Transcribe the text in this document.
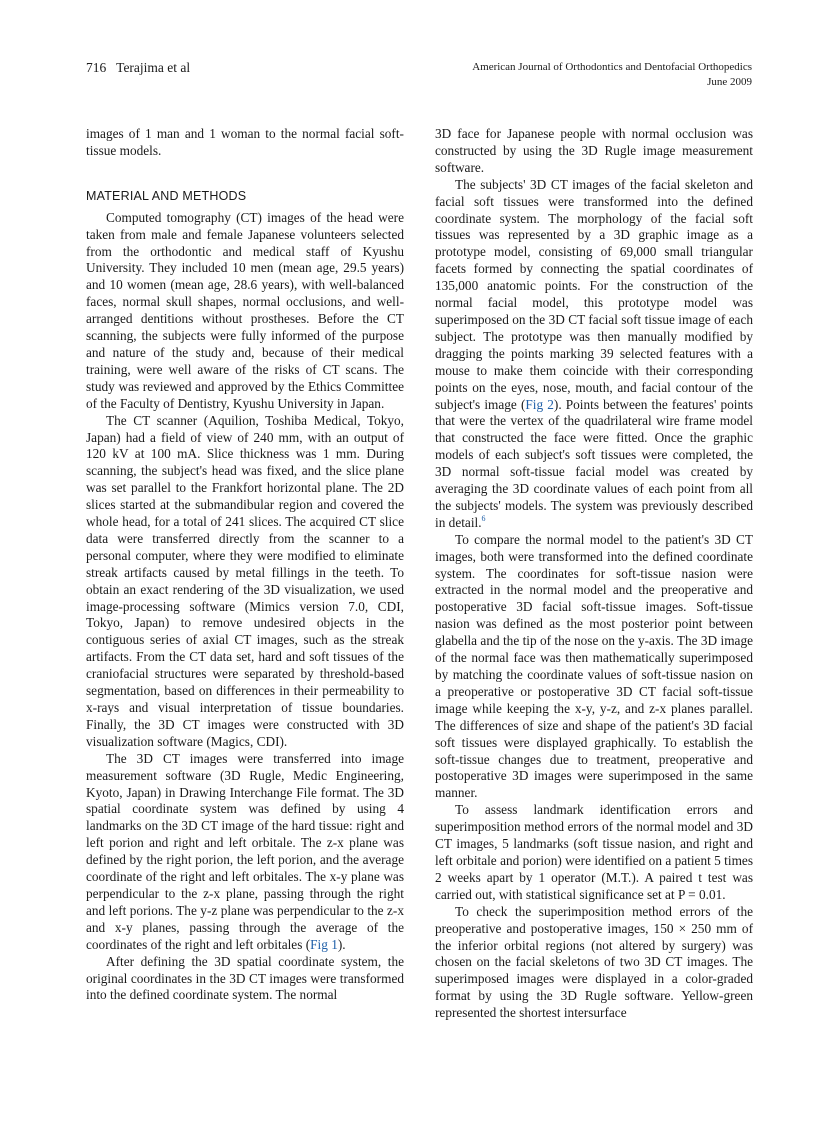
716 Terajima et al	American Journal of Orthodontics and Dentofacial Orthopedics
June 2009

images of 1 man and 1 woman to the normal facial soft-tissue models.

MATERIAL AND METHODS

Computed tomography (CT) images of the head were taken from male and female Japanese volunteers selected from the orthodontic and medical staff of Kyushu University. They included 10 men (mean age, 29.5 years) and 10 women (mean age, 28.6 years), with well-balanced faces, normal skull shapes, normal occlusions, and well-arranged dentitions without prostheses. Before the CT scanning, the subjects were fully informed of the purpose and nature of the study and, because of their medical training, were well aware of the risks of CT scans. The study was reviewed and approved by the Ethics Committee of the Faculty of Dentistry, Kyushu University in Japan.

The CT scanner (Aquilion, Toshiba Medical, Tokyo, Japan) had a field of view of 240 mm, with an output of 120 kV at 100 mA. Slice thickness was 1 mm. During scanning, the subject's head was fixed, and the slice plane was set parallel to the Frankfort horizontal plane. The 2D slices started at the submandibular region and covered the whole head, for a total of 241 slices. The acquired CT slice data were transferred directly from the scanner to a personal computer, where they were modified to eliminate streak artifacts caused by metal fillings in the teeth. To obtain an exact rendering of the 3D visualization, we used image-processing software (Mimics version 7.0, CDI, Tokyo, Japan) to remove undesired objects in the contiguous series of axial CT images, such as the streak artifacts. From the CT data set, hard and soft tissues of the craniofacial structures were separated by threshold-based segmentation, based on differences in their permeability to x-rays and visual interpretation of tissue boundaries. Finally, the 3D CT images were constructed with 3D visualization software (Magics, CDI).

The 3D CT images were transferred into image measurement software (3D Rugle, Medic Engineering, Kyoto, Japan) in Drawing Interchange File format. The 3D spatial coordinate system was defined by using 4 landmarks on the 3D CT image of the hard tissue: right and left porion and right and left orbitale. The z-x plane was defined by the right porion, the left porion, and the average coordinate of the right and left orbitales. The x-y plane was perpendicular to the z-x plane, passing through the right and left porions. The y-z plane was perpendicular to the z-x and x-y planes, passing through the average of the coordinates of the right and left orbitales (Fig 1).

After defining the 3D spatial coordinate system, the original coordinates in the 3D CT images were transformed into the defined coordinate system. The normal

3D face for Japanese people with normal occlusion was constructed by using the 3D Rugle image measurement software.

The subjects' 3D CT images of the facial skeleton and facial soft tissues were transformed into the defined coordinate system. The morphology of the facial soft tissues was represented by a 3D graphic image as a prototype model, consisting of 69,000 small triangular facets formed by connecting the spatial coordinates of 135,000 anatomic points. For the construction of the normal facial model, this prototype model was superimposed on the 3D CT facial soft tissue image of each subject. The prototype was then manually modified by dragging the points marking 39 selected features with a mouse to make them coincide with their corresponding points on the eyes, nose, mouth, and facial contour of the subject's image (Fig 2). Points between the features' points that were the vertex of the quadrilateral wire frame model that constructed the face were fitted. Once the graphic models of each subject's soft tissues were completed, the 3D normal soft-tissue facial model was created by averaging the 3D coordinate values of each point from all the subjects' models. The system was previously described in detail.$^6$

To compare the normal model to the patient's 3D CT images, both were transformed into the defined coordinate system. The coordinates for soft-tissue nasion were extracted in the normal model and the preoperative and postoperative 3D facial soft-tissue images. Soft-tissue nasion was defined as the most posterior point between glabella and the tip of the nose on the y-axis. The 3D image of the normal face was then mathematically superimposed by matching the coordinate values of soft-tissue nasion on a preoperative or postoperative 3D CT facial soft-tissue image while keeping the x-y, y-z, and z-x planes parallel. The differences of size and shape of the patient's 3D facial soft tissues were displayed graphically. To establish the soft-tissue changes due to treatment, preoperative and postoperative 3D images were superimposed in the same manner.

To assess landmark identification errors and superimposition method errors of the normal model and 3D CT images, 5 landmarks (soft tissue nasion, and right and left orbitale and porion) were identified on a patient 5 times 2 weeks apart by 1 operator (M.T.). A paired t test was carried out, with statistical significance set at P = 0.01.

To check the superimposition method errors of the preoperative and postoperative images, 150 × 250 mm of the inferior orbital regions (not altered by surgery) was chosen on the facial skeletons of two 3D CT images. The superimposed images were displayed in a color-graded format by using the 3D Rugle software. Yellow-green represented the shortest intersurface
